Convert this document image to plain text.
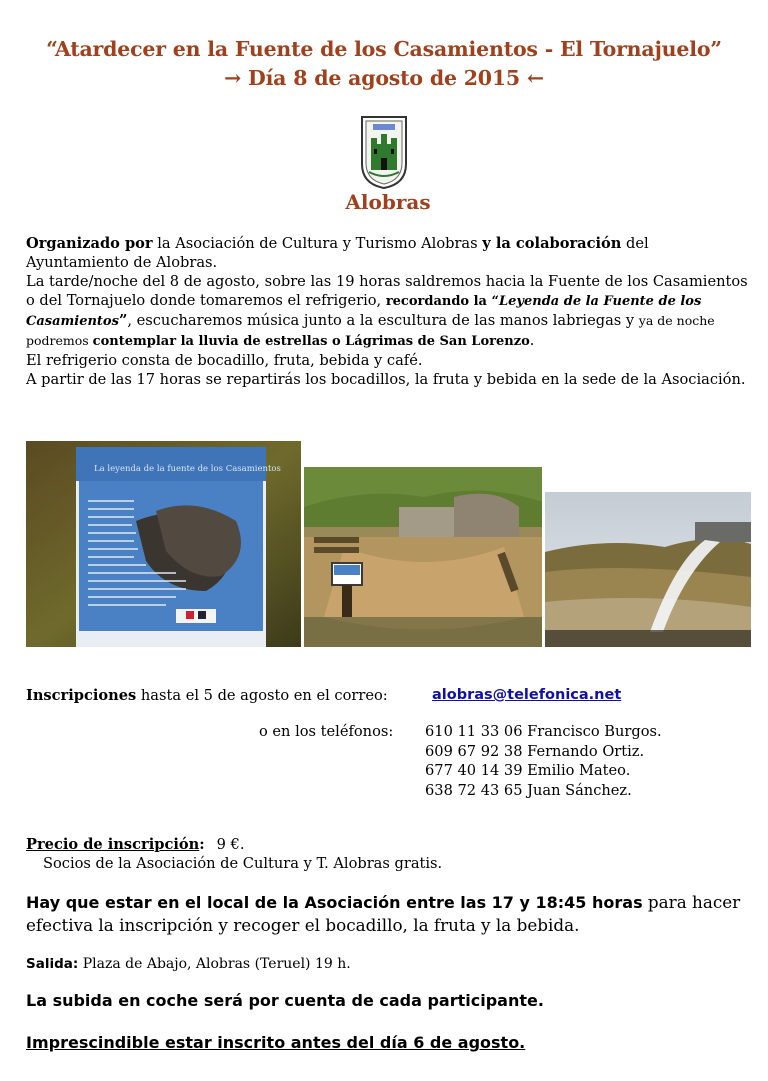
“Atardecer en la Fuente de los Casamientos - El Tornajuelo”
→ Día 8 de agosto de 2015 ←
Alobras

Organizado por la Asociación de Cultura y Turismo Alobras y la colaboración del Ayuntamiento de Alobras.

La tarde/noche del 8 de agosto, sobre las 19 horas saldremos hacia la Fuente de los Casamientos o del Tornajuelo donde tomaremos el refrigerio, recordando la “Leyenda de la Fuente de los Casamientos”, escucharemos música junto a la escultura de las manos labriegas y ya de noche podremos contemplar la lluvia de estrellas o Lágrimas de San Lorenzo.

El refrigerio consta de bocadillo, fruta, bebida y café.

A partir de las 17 horas se repartirás los bocadillos, la fruta y bebida en la sede de la Asociación.

La leyenda de la fuente de los Casamientos
Inscripciones hasta el 5 de agosto en el correo:	alobras@telefonica.net
o en los teléfonos: 610 11 33 06 Francisco Burgos.
609 67 92 38 Fernando Ortiz.
677 40 14 39 Emilio Mateo.
638 72 43 65 Juan Sánchez.
Precio de inscripción: 9 €.
Socios de la Asociación de Cultura y T. Alobras gratis.
Hay que estar en el local de la Asociación entre las 17 y 18:45 horas para hacer efectiva la inscripción y recoger el bocadillo, la fruta y la bebida.
Salida: Plaza de Abajo, Alobras (Teruel) 19 h.
La subida en coche será por cuenta de cada participante.
Imprescindible estar inscrito antes del día 6 de agosto.
